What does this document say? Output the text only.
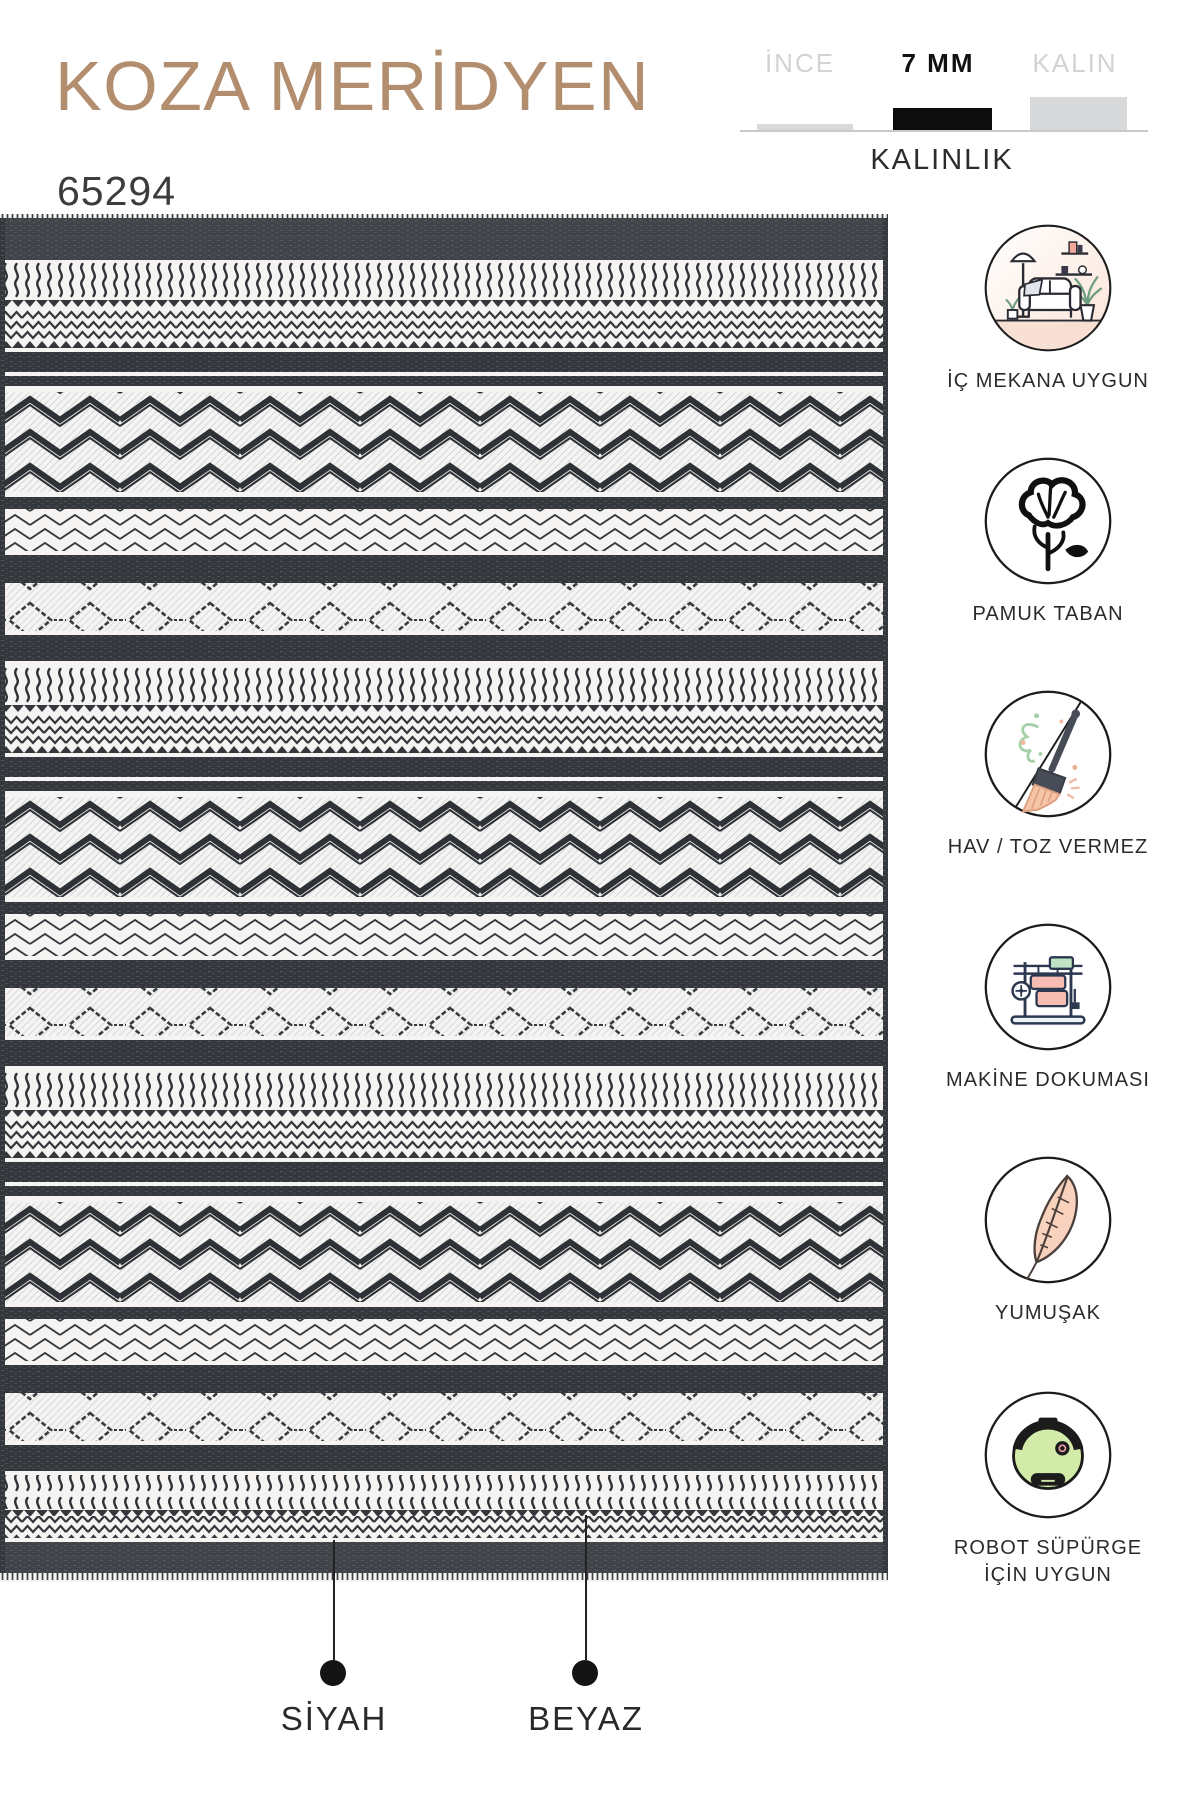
KOZA MERİDYEN
65294
İNCE	7 MM	KALIN
KALINLIK
İÇ MEKANA UYGUN
PAMUK TABAN
HAV / TOZ VERMEZ
MAKİNE DOKUMASI
YUMUŞAK
ROBOT SÜPÜRGE İÇİN UYGUN
SİYAH	BEYAZ
